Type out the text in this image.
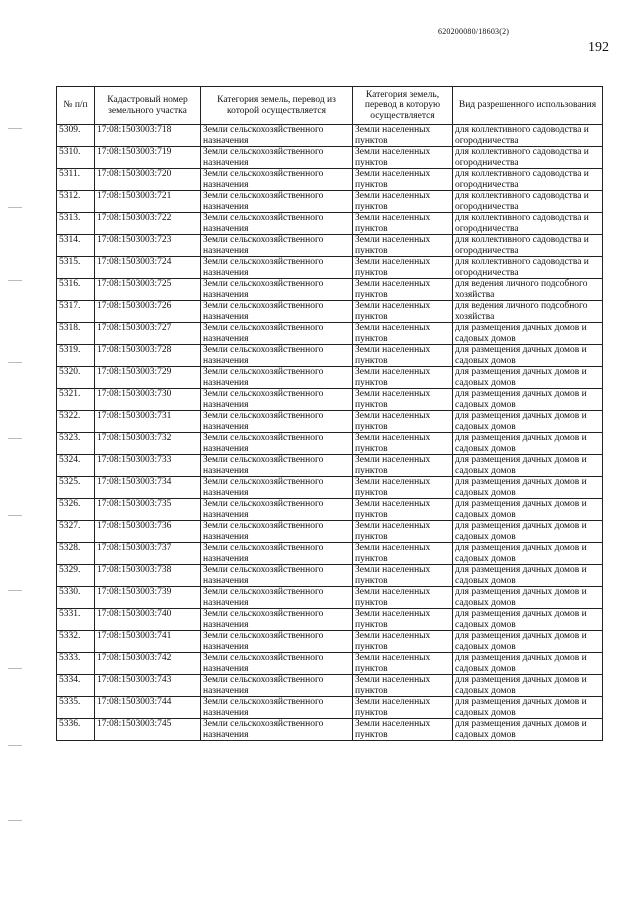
620200080/18603(2)
192
№ п/п	Кадастровый номер земельного участка	Категория земель, перевод из которой осуществляется	Категория земель, перевод в которую осуществляется	Вид разрешенного использования
5309.	17:08:1503003:718	Земли сельскохозяйственного назначения	Земли населенных пунктов	для коллективного садоводства и огородничества
5310.	17:08:1503003:719	Земли сельскохозяйственного назначения	Земли населенных пунктов	для коллективного садоводства и огородничества
5311.	17:08:1503003:720	Земли сельскохозяйственного назначения	Земли населенных пунктов	для коллективного садоводства и огородничества
5312.	17:08:1503003:721	Земли сельскохозяйственного назначения	Земли населенных пунктов	для коллективного садоводства и огородничества
5313.	17:08:1503003:722	Земли сельскохозяйственного назначения	Земли населенных пунктов	для коллективного садоводства и огородничества
5314.	17:08:1503003:723	Земли сельскохозяйственного назначения	Земли населенных пунктов	для коллективного садоводства и огородничества
5315.	17:08:1503003:724	Земли сельскохозяйственного назначения	Земли населенных пунктов	для коллективного садоводства и огородничества
5316.	17:08:1503003:725	Земли сельскохозяйственного назначения	Земли населенных пунктов	для ведения личного подсобного хозяйства
5317.	17:08:1503003:726	Земли сельскохозяйственного назначения	Земли населенных пунктов	для ведения личного подсобного хозяйства
5318.	17:08:1503003:727	Земли сельскохозяйственного назначения	Земли населенных пунктов	для размещения дачных домов и садовых домов
5319.	17:08:1503003:728	Земли сельскохозяйственного назначения	Земли населенных пунктов	для размещения дачных домов и садовых домов
5320.	17:08:1503003:729	Земли сельскохозяйственного назначения	Земли населенных пунктов	для размещения дачных домов и садовых домов
5321.	17:08:1503003:730	Земли сельскохозяйственного назначения	Земли населенных пунктов	для размещения дачных домов и садовых домов
5322.	17:08:1503003:731	Земли сельскохозяйственного назначения	Земли населенных пунктов	для размещения дачных домов и садовых домов
5323.	17:08:1503003:732	Земли сельскохозяйственного назначения	Земли населенных пунктов	для размещения дачных домов и садовых домов
5324.	17:08:1503003:733	Земли сельскохозяйственного назначения	Земли населенных пунктов	для размещения дачных домов и садовых домов
5325.	17:08:1503003:734	Земли сельскохозяйственного назначения	Земли населенных пунктов	для размещения дачных домов и садовых домов
5326.	17:08:1503003:735	Земли сельскохозяйственного назначения	Земли населенных пунктов	для размещения дачных домов и садовых домов
5327.	17:08:1503003:736	Земли сельскохозяйственного назначения	Земли населенных пунктов	для размещения дачных домов и садовых домов
5328.	17:08:1503003:737	Земли сельскохозяйственного назначения	Земли населенных пунктов	для размещения дачных домов и садовых домов
5329.	17:08:1503003:738	Земли сельскохозяйственного назначения	Земли населенных пунктов	для размещения дачных домов и садовых домов
5330.	17:08:1503003:739	Земли сельскохозяйственного назначения	Земли населенных пунктов	для размещения дачных домов и садовых домов
5331.	17:08:1503003:740	Земли сельскохозяйственного назначения	Земли населенных пунктов	для размещения дачных домов и садовых домов
5332.	17:08:1503003:741	Земли сельскохозяйственного назначения	Земли населенных пунктов	для размещения дачных домов и садовых домов
5333.	17:08:1503003:742	Земли сельскохозяйственного назначения	Земли населенных пунктов	для размещения дачных домов и садовых домов
5334.	17:08:1503003:743	Земли сельскохозяйственного назначения	Земли населенных пунктов	для размещения дачных домов и садовых домов
5335.	17:08:1503003:744	Земли сельскохозяйственного назначения	Земли населенных пунктов	для размещения дачных домов и садовых домов
5336.	17:08:1503003:745	Земли сельскохозяйственного назначения	Земли населенных пунктов	для размещения дачных домов и садовых домов
